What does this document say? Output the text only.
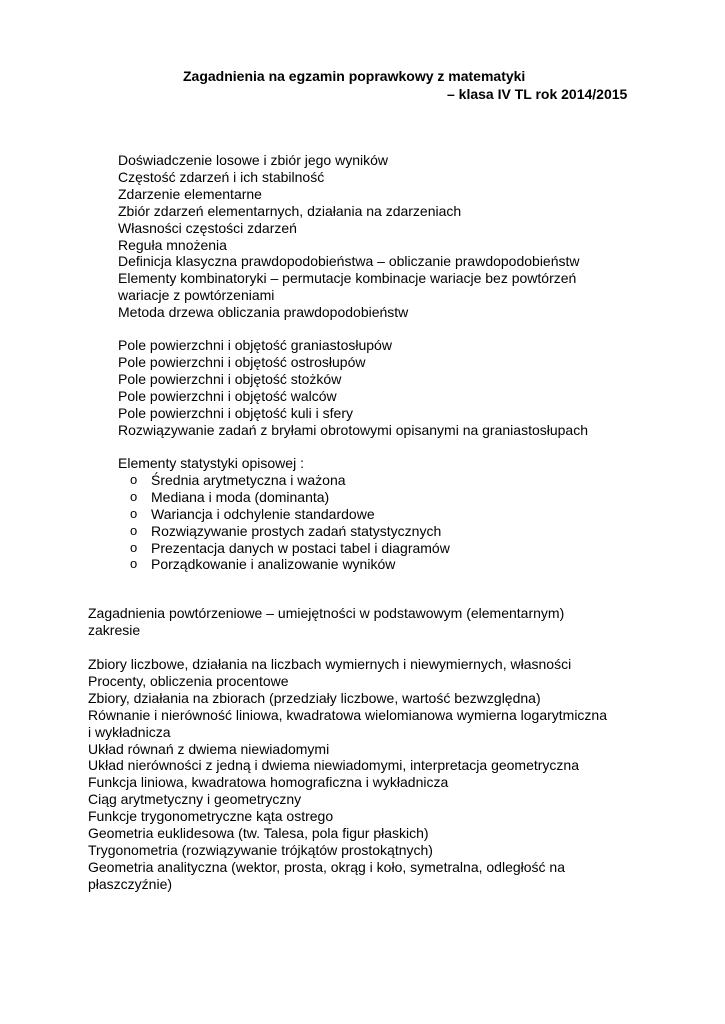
Zagadnienia na egzamin poprawkowy z matematyki
– klasa IV TL rok 2014/2015
Doświadczenie losowe i zbiór jego wyników
Częstość zdarzeń i ich stabilność
Zdarzenie elementarne
Zbiór zdarzeń elementarnych, działania na zdarzeniach
Własności częstości zdarzeń
Reguła mnożenia
Definicja klasyczna prawdopodobieństwa – obliczanie prawdopodobieństw
Elementy kombinatoryki – permutacje kombinacje wariacje bez powtórzeń
wariacje z powtórzeniami
Metoda drzewa obliczania prawdopodobieństw
Pole powierzchni i objętość graniastosłupów
Pole powierzchni i objętość ostrosłupów
Pole powierzchni i objętość stożków
Pole powierzchni i objętość walców
Pole powierzchni i objętość kuli i sfery
Rozwiązywanie zadań z bryłami obrotowymi opisanymi na graniastosłupach
Elementy statystyki opisowej :
o Średnia arytmetyczna i ważona
o Mediana i moda (dominanta)
o Wariancja i odchylenie standardowe
o Rozwiązywanie prostych zadań statystycznych
o Prezentacja danych w postaci tabel i diagramów
o Porządkowanie i analizowanie wyników
Zagadnienia powtórzeniowe – umiejętności w podstawowym (elementarnym)
zakresie
Zbiory liczbowe, działania na liczbach wymiernych i niewymiernych, własności
Procenty, obliczenia procentowe
Zbiory, działania na zbiorach (przedziały liczbowe, wartość bezwzględna)
Równanie i nierówność liniowa, kwadratowa wielomianowa wymierna logarytmiczna
i wykładnicza
Układ równań z dwiema niewiadomymi
Układ nierówności z jedną i dwiema niewiadomymi, interpretacja geometryczna
Funkcja liniowa, kwadratowa homograficzna i wykładnicza
Ciąg arytmetyczny i geometryczny
Funkcje trygonometryczne kąta ostrego
Geometria euklidesowa (tw. Talesa, pola figur płaskich)
Trygonometria (rozwiązywanie trójkątów prostokątnych)
Geometria analityczna (wektor, prosta, okrąg i koło, symetralna, odległość na
płaszczyźnie)
